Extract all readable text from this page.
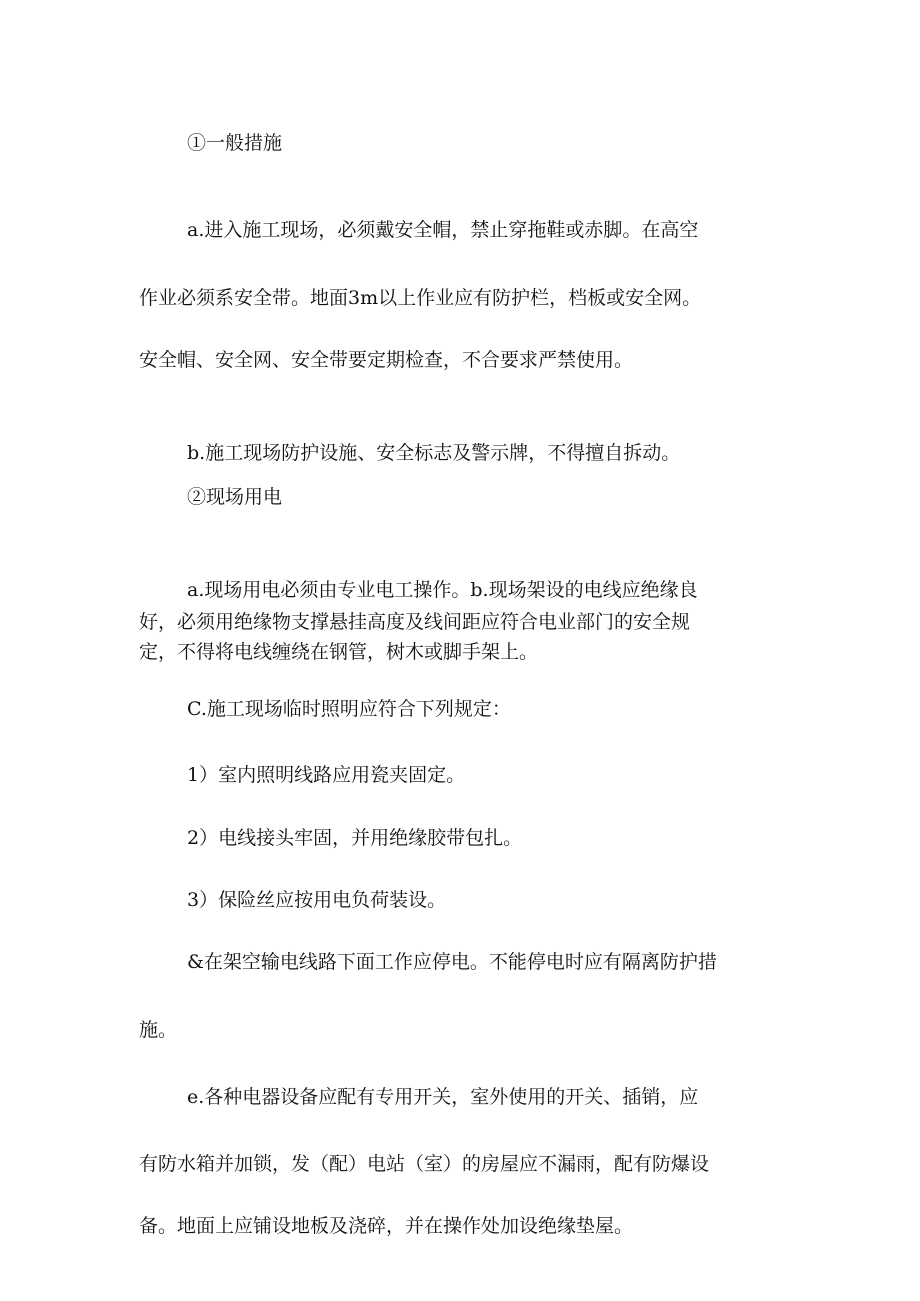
①一般措施

a.进入施工现场，必须戴安全帽，禁止穿拖鞋或赤脚。在高空

作业必须系安全带。地面3m以上作业应有防护栏，档板或安全网。

安全帽、安全网、安全带要定期检查，不合要求严禁使用。

b.施工现场防护设施、安全标志及警示牌，不得擅自拆动。

②现场用电

a.现场用电必须由专业电工操作。b.现场架设的电线应绝缘良

好，必须用绝缘物支撑悬挂高度及线间距应符合电业部门的安全规

定，不得将电线缠绕在钢管，树木或脚手架上。

C.施工现场临时照明应符合下列规定：

1）室内照明线路应用瓷夹固定。

2）电线接头牢固，并用绝缘胶带包扎。

3）保险丝应按用电负荷装设。

&在架空输电线路下面工作应停电。不能停电时应有隔离防护措

施。

e.各种电器设备应配有专用开关，室外使用的开关、插销，应

有防水箱并加锁，发（配）电站（室）的房屋应不漏雨，配有防爆设

备。地面上应铺设地板及浇碎，并在操作处加设绝缘垫屋。
